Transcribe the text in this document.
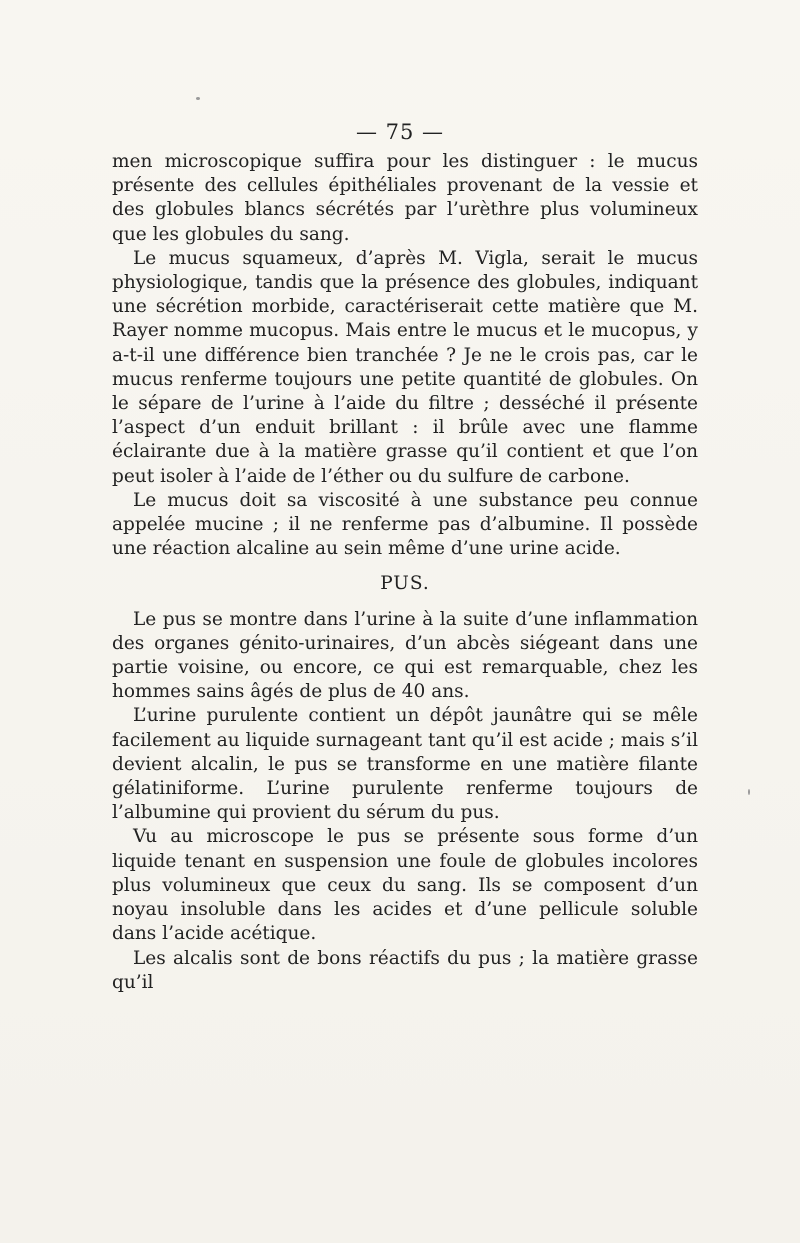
— 75 —

men microscopique suffira pour les distinguer : le mucus présente des cellules épithéliales provenant de la vessie et des globules blancs sécrétés par l’urèthre plus volumineux que les globules du sang.

Le mucus squameux, d’après M. Vigla, serait le mucus physiologique, tandis que la présence des globules, indiquant une sécrétion morbide, caractériserait cette matière que M. Rayer nomme mucopus. Mais entre le mucus et le mucopus, y a-t-il une différence bien tranchée ? Je ne le crois pas, car le mucus renferme toujours une petite quantité de globules. On le sépare de l’urine à l’aide du filtre ; desséché il présente l’aspect d’un enduit brillant : il brûle avec une flamme éclairante due à la matière grasse qu’il contient et que l’on peut isoler à l’aide de l’éther ou du sulfure de carbone.

Le mucus doit sa viscosité à une substance peu connue appelée mucine ; il ne renferme pas d’albumine. Il possède une réaction alcaline au sein même d’une urine acide.

PUS.

Le pus se montre dans l’urine à la suite d’une inflammation des organes génito-urinaires, d’un abcès siégeant dans une partie voisine, ou encore, ce qui est remarquable, chez les hommes sains âgés de plus de 40 ans.

L’urine purulente contient un dépôt jaunâtre qui se mêle facilement au liquide surnageant tant qu’il est acide ; mais s’il devient alcalin, le pus se transforme en une matière filante gélatiniforme. L’urine purulente renferme toujours de l’albumine qui provient du sérum du pus.

Vu au microscope le pus se présente sous forme d’un liquide tenant en suspension une foule de globules incolores plus volumineux que ceux du sang. Ils se composent d’un noyau insoluble dans les acides et d’une pellicule soluble dans l’acide acétique.

Les alcalis sont de bons réactifs du pus ; la matière grasse qu’il
